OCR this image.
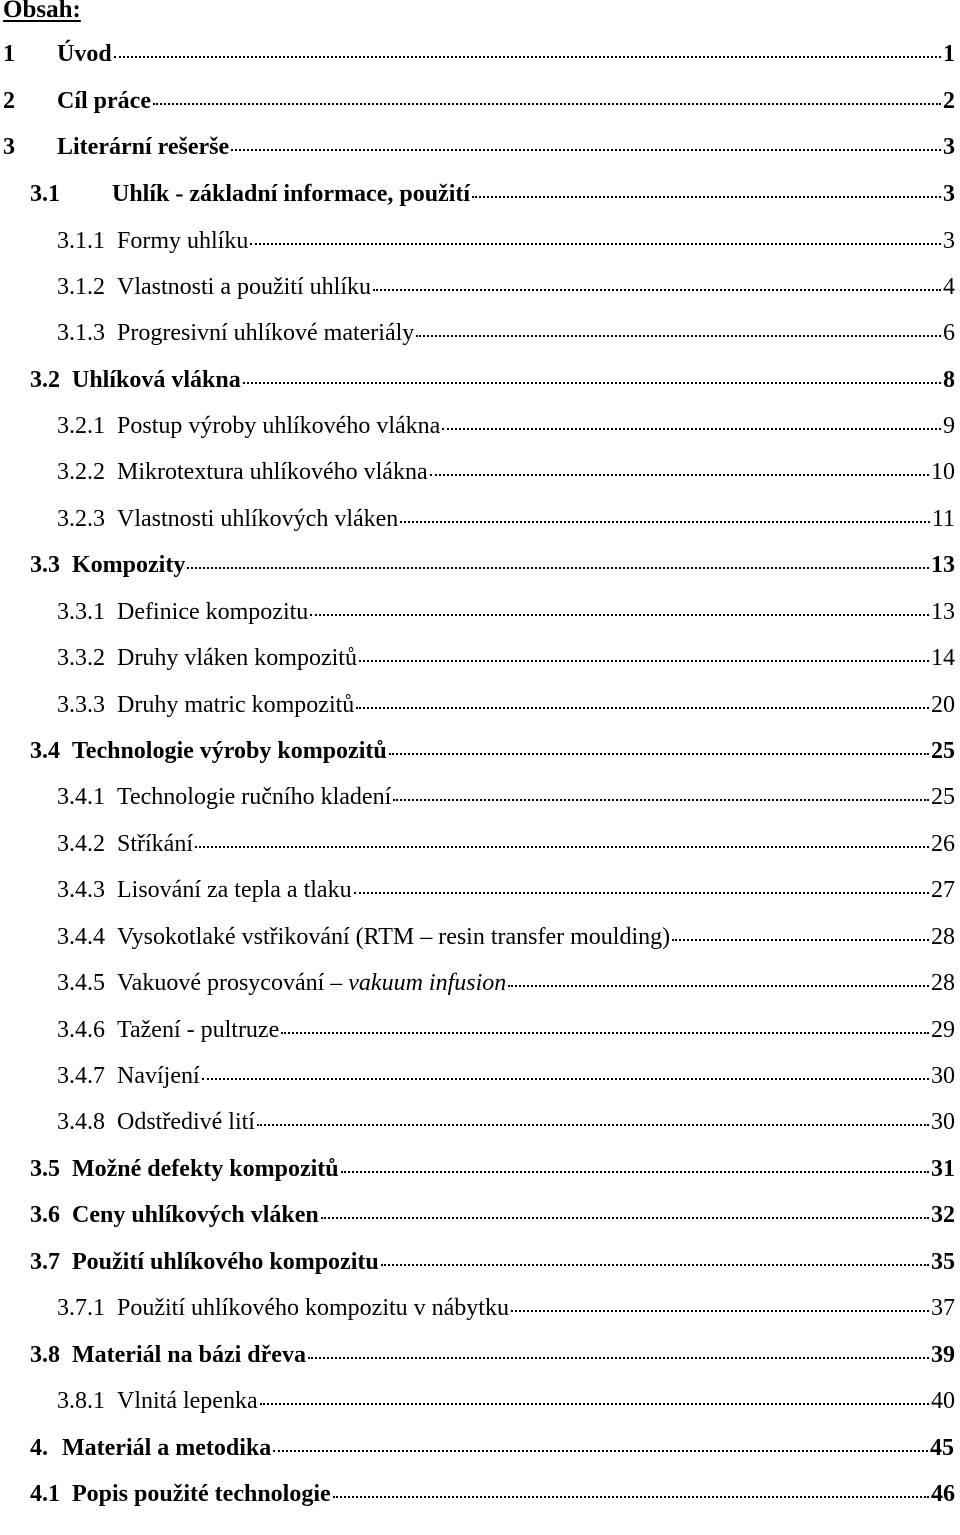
Obsah:
1	Úvod	1
2	Cíl práce	2
3	Literární rešerše	3
3.1	Uhlík - základní informace, použití	3
3.1.1 Formy uhlíku	3
3.1.2 Vlastnosti a použití uhlíku	4
3.1.3 Progresivní uhlíkové materiály	6
3.2 Uhlíková vlákna	8
3.2.1 Postup výroby uhlíkového vlákna	9
3.2.2 Mikrotextura uhlíkového vlákna	10
3.2.3 Vlastnosti uhlíkových vláken	11
3.3 Kompozity	13
3.3.1 Definice kompozitu	13
3.3.2 Druhy vláken kompozitů	14
3.3.3 Druhy matric kompozitů	20
3.4 Technologie výroby kompozitů	25
3.4.1 Technologie ručního kladení	25
3.4.2 Stříkání	26
3.4.3 Lisování za tepla a tlaku	27
3.4.4 Vysokotlaké vstřikování (RTM – resin transfer moulding)	28
3.4.5 Vakuové prosycování – vakuum infusion	28
3.4.6 Tažení - pultruze	29
3.4.7 Navíjení	30
3.4.8 Odstředivé lití	30
3.5 Možné defekty kompozitů	31
3.6 Ceny uhlíkových vláken	32
3.7 Použití uhlíkového kompozitu	35
3.7.1 Použití uhlíkového kompozitu v nábytku	37
3.8 Materiál na bázi dřeva	39
3.8.1 Vlnitá lepenka	40
4. Materiál a metodika	45
4.1 Popis použité technologie	46
